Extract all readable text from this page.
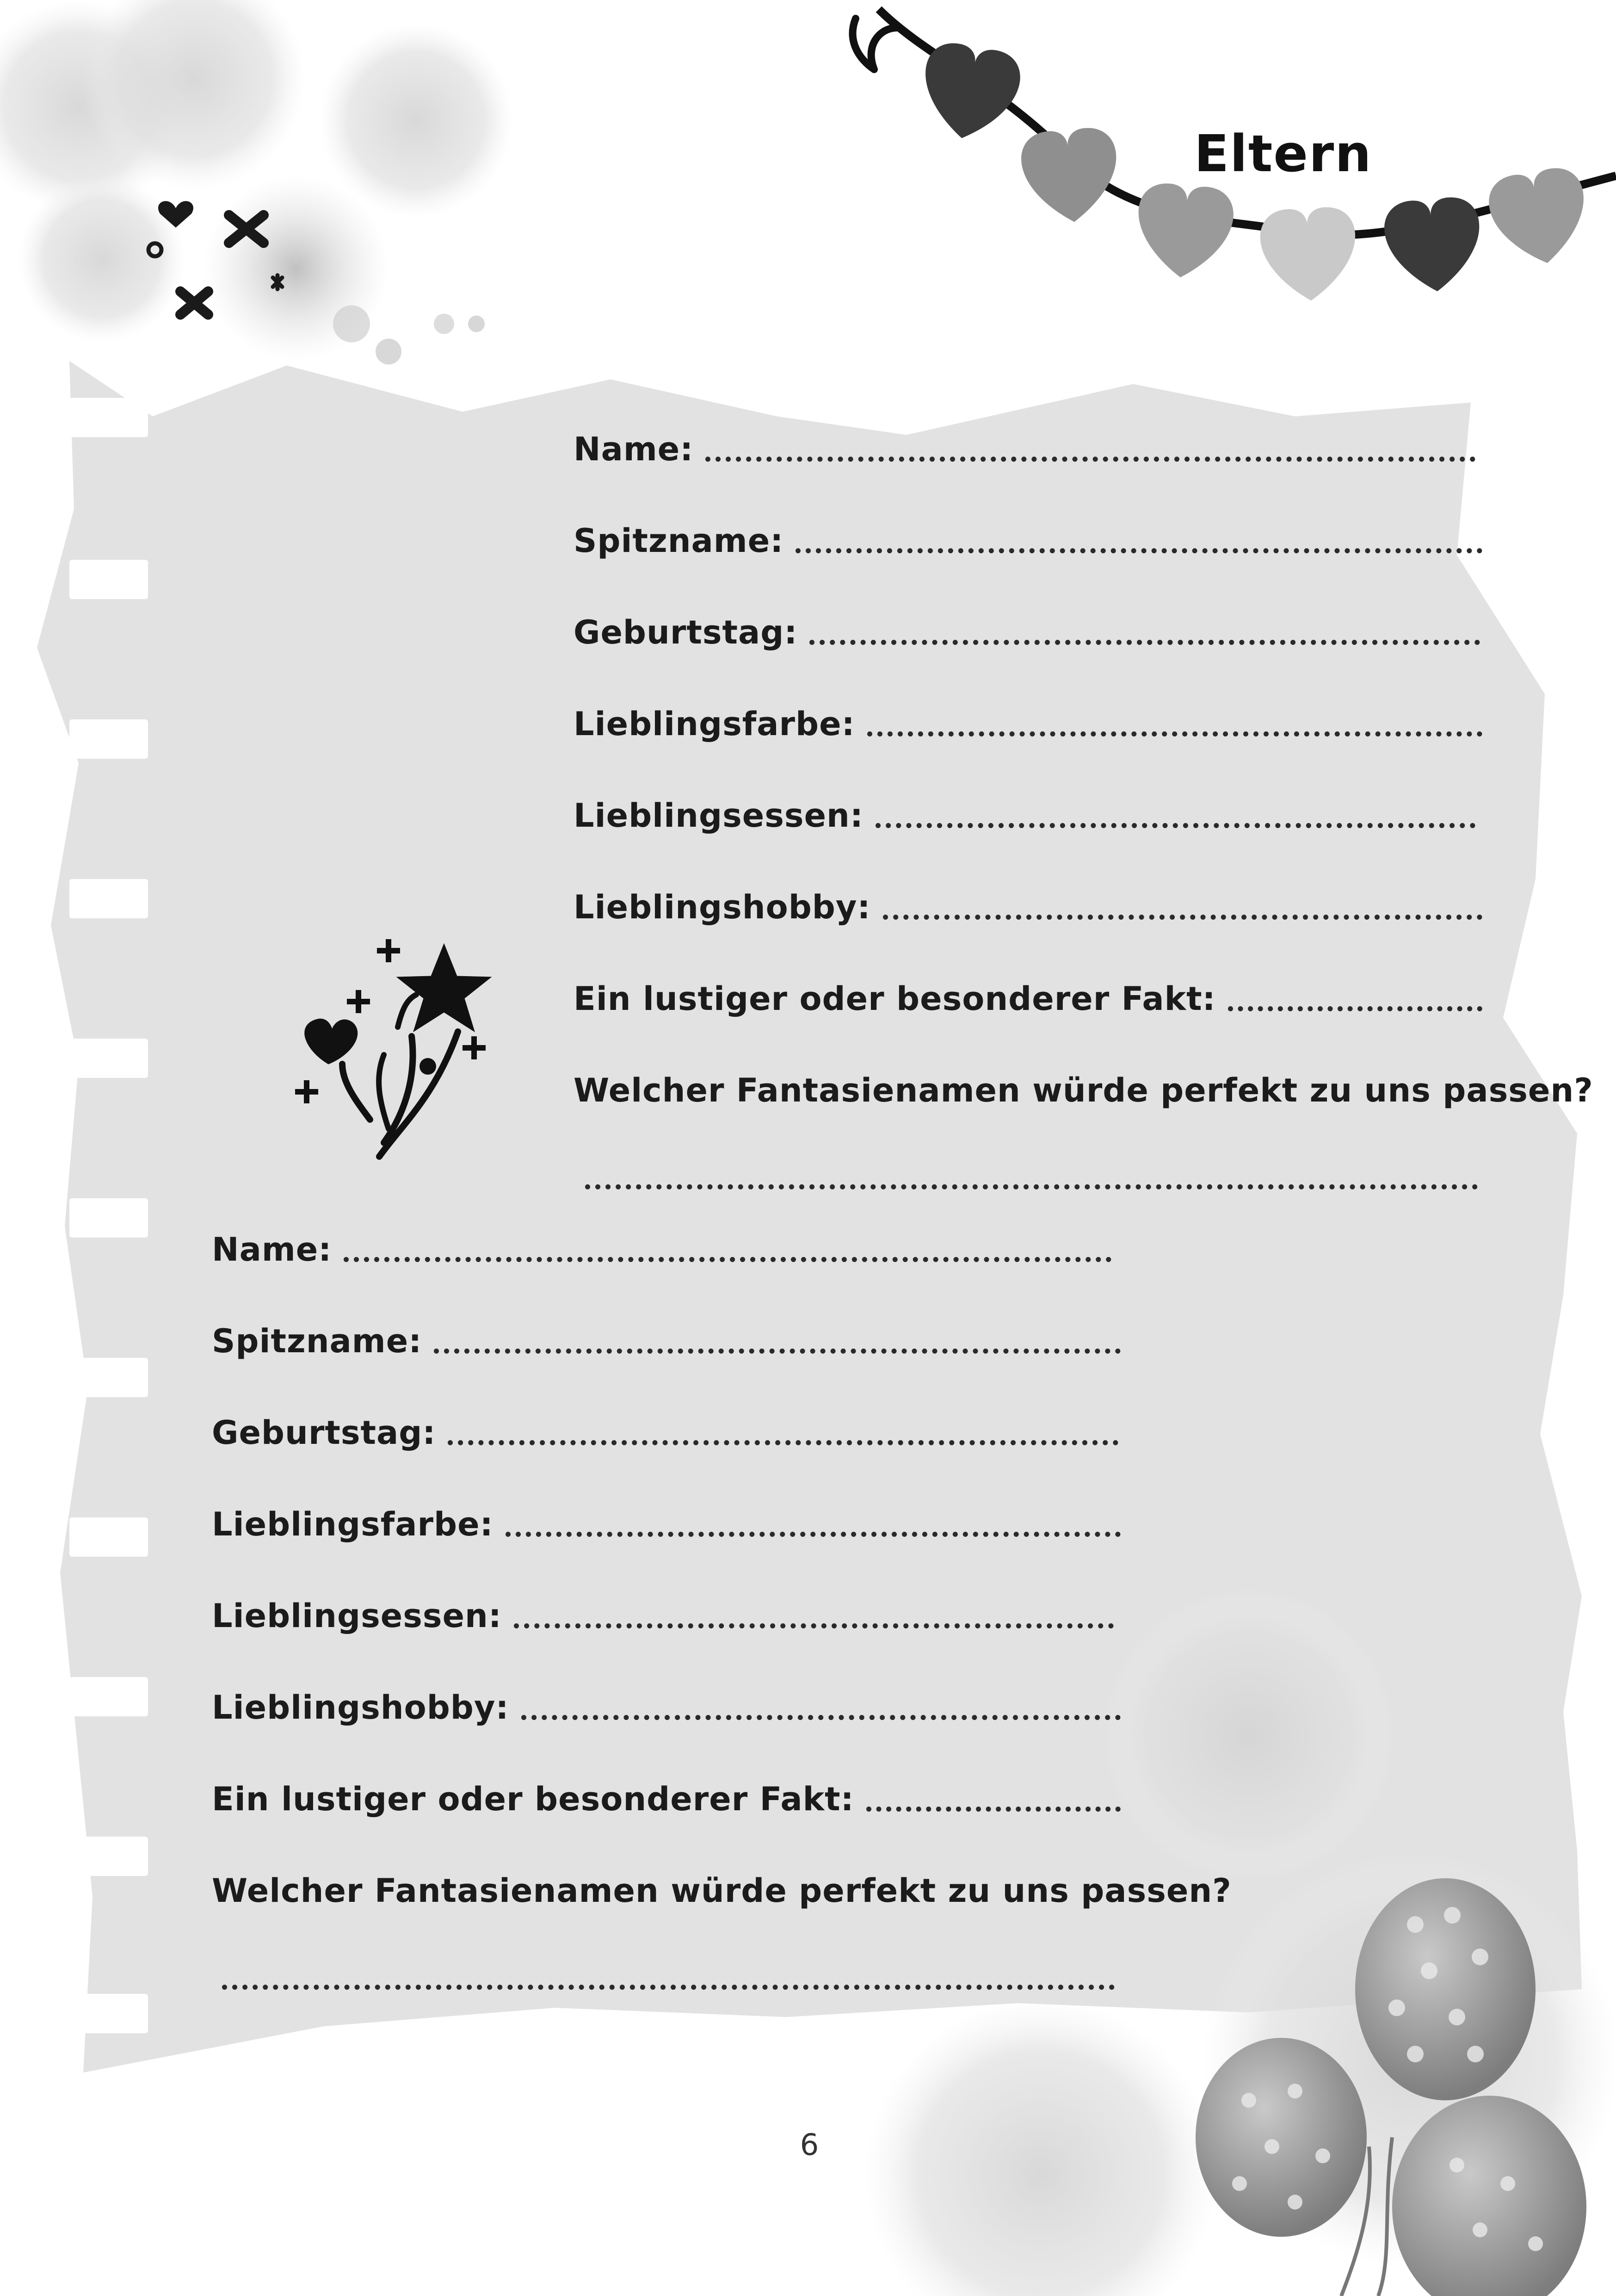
Eltern
Name:
Spitzname:
Geburtstag:
Lieblingsfarbe:
Lieblingsessen:
Lieblingshobby:
Ein lustiger oder besonderer Fakt:
Welcher Fantasienamen würde perfekt zu uns passen?
Name:
Spitzname:
Geburtstag:
Lieblingsfarbe:
Lieblingsessen:
Lieblingshobby:
Ein lustiger oder besonderer Fakt:
Welcher Fantasienamen würde perfekt zu uns passen?
6
